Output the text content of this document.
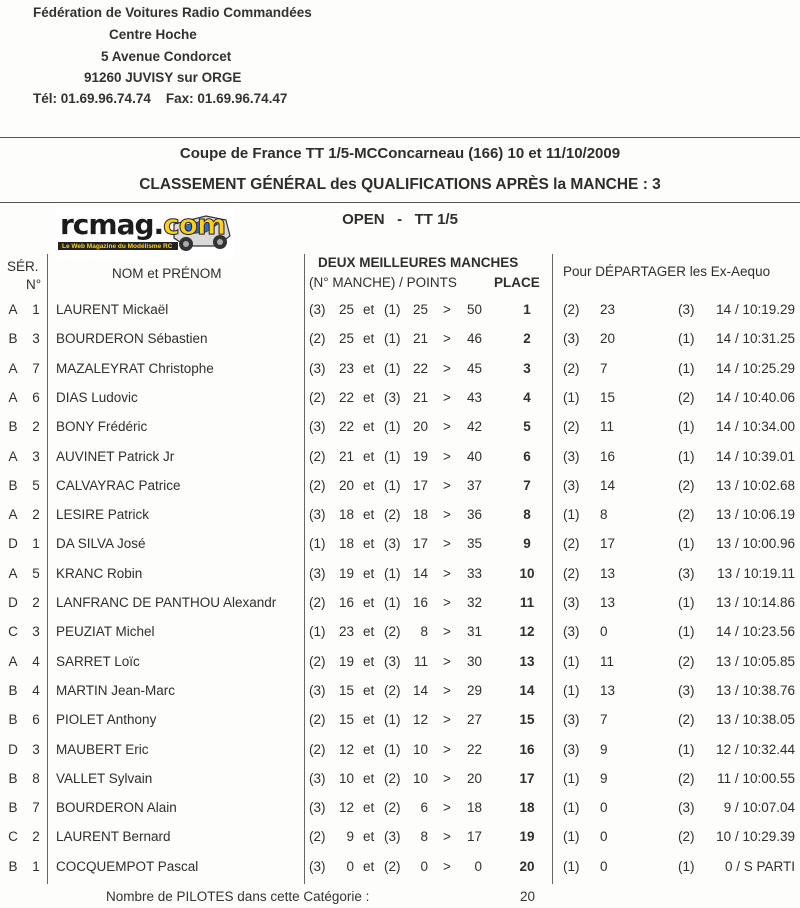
Fédération de Voitures Radio Commandées
Centre Hoche
5 Avenue Condorcet
91260 JUVISY sur ORGE
Tél: 01.69.96.74.74    Fax: 01.69.96.74.47
Coupe de France TT 1/5-MCConcarneau (166) 10 et 11/10/2009
CLASSEMENT GÉNÉRAL des QUALIFICATIONS APRÈS la MANCHE : 3
OPEN   -   TT 1/5
rcmag.com
Le Web Magazine du Modélisme RC
SÉR.
N°
NOM et PRÉNOM
DEUX MEILLEURES MANCHES
(N° MANCHE) / POINTS	PLACE
Pour DÉPARTAGER les Ex-Aequo
A 1 LAURENT Mickaël	(3) 25 et (1) 25 >	50	1	(2) 23	(3)	14 / 10:19.29
B 3 BOURDERON Sébastien	(2) 25 et (1) 21 >	46	2	(3) 20	(1)	14 / 10:31.25
A 7 MAZALEYRAT Christophe	(3) 23 et (1) 22 >	45	3	(2) 7	(1)	14 / 10:25.29
A 6 DIAS Ludovic	(2) 22 et (3) 21 >	43	4	(1) 15	(2)	14 / 10:40.06
B 2 BONY Frédéric	(3) 22 et (1) 20 >	42	5	(2) 11	(1)	14 / 10:34.00
A 3 AUVINET Patrick Jr	(2) 21 et (1) 19 >	40	6	(3) 16	(1)	14 / 10:39.01
B 5 CALVAYRAC Patrice	(2) 20 et (1) 17 >	37	7	(3) 14	(2)	13 / 10:02.68
A 2 LESIRE Patrick	(3) 18 et (2) 18 >	36	8	(1) 8	(2)	13 / 10:06.19
D 1 DA SILVA José	(1) 18 et (3) 17 >	35	9	(2) 17	(1)	13 / 10:00.96
A 5 KRANC Robin	(3) 19 et (1) 14 >	33	10	(2) 13	(3)	13 / 10:19.11
D 2 LANFRANC DE PANTHOU Alexandr	(2) 16 et (1) 16 >	32	11	(3) 13	(1)	13 / 10:14.86
C 3 PEUZIAT Michel	(1) 23 et (2)	8 >	31	12	(3) 0	(1)	14 / 10:23.56
A 4 SARRET Loïc	(2) 19 et (3) 11 >	30	13	(1) 11	(2)	13 / 10:05.85
B 4 MARTIN Jean-Marc	(3) 15 et (2) 14 >	29	14	(1) 13	(3)	13 / 10:38.76
B 6 PIOLET Anthony	(2) 15 et (1) 12 >	27	15	(3) 7	(2)	13 / 10:38.05
D 3 MAUBERT Eric	(2) 12 et (1) 10 >	22	16	(3) 9	(1)	12 / 10:32.44
B 8 VALLET Sylvain	(3) 10 et (2) 10 >	20	17	(1) 9	(2)	11 / 10:00.55
B 7 BOURDERON Alain	(3) 12 et (2)	6 >	18	18	(1) 0	(3)	9 / 10:07.04
C 2 LAURENT Bernard	(2)	9 et (3)	8 >	17	19	(1) 0	(2)	10 / 10:29.39
B 1 COCQUEMPOT Pascal	(3)	0 et (2)	0 >	0	20	(1) 0	(1)	0 / S PARTI
Nombre de PILOTES dans cette Catégorie :	20
